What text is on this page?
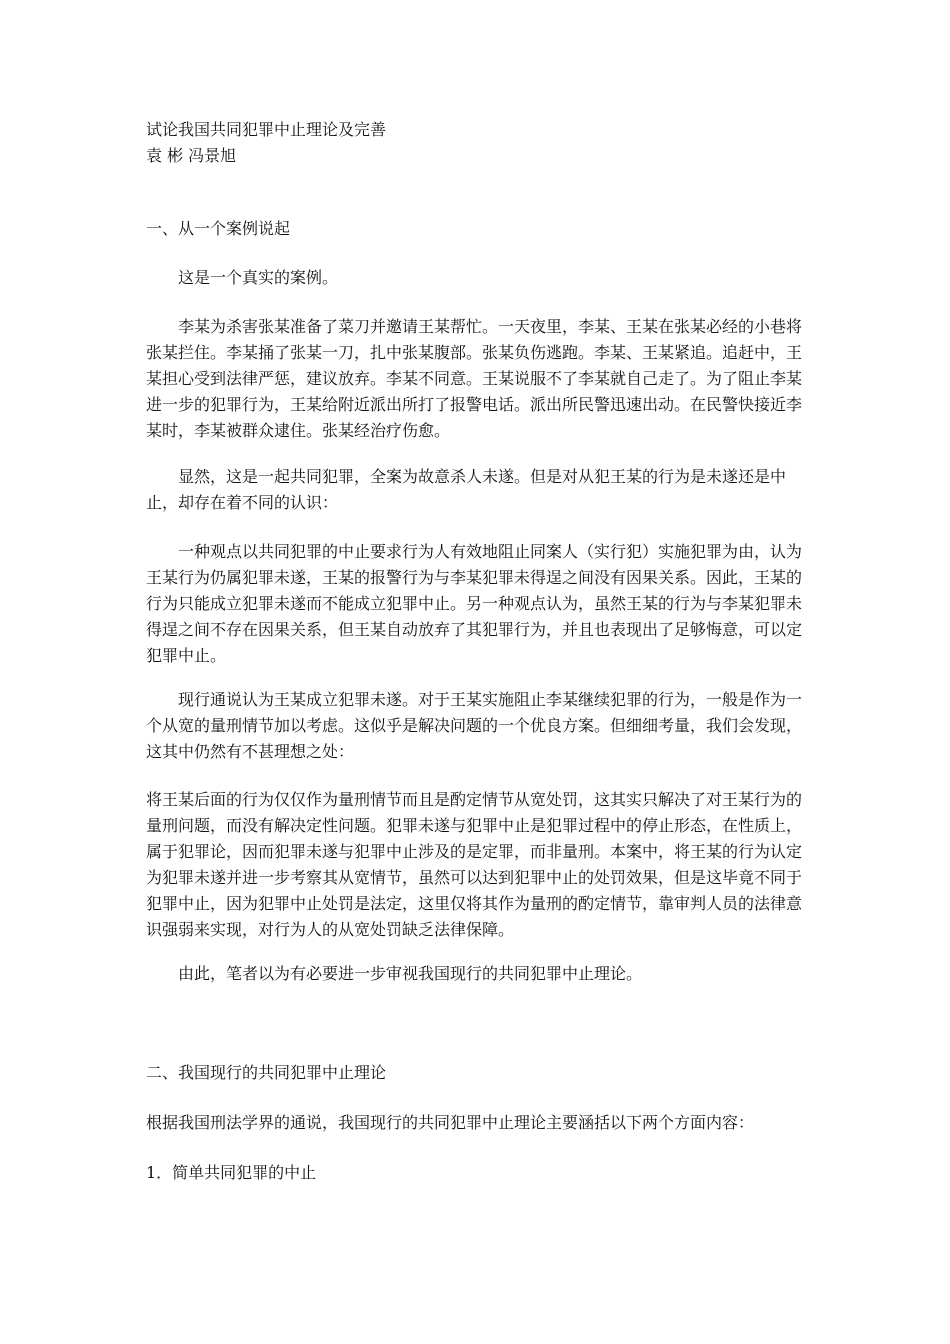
试论我国共同犯罪中止理论及完善

袁 彬 冯景旭

一、从一个案例说起

这是一个真实的案例。

李某为杀害张某准备了菜刀并邀请王某帮忙。一天夜里，李某、王某在张某必经的小巷将张某拦住。李某捅了张某一刀，扎中张某腹部。张某负伤逃跑。李某、王某紧追。追赶中，王某担心受到法律严惩，建议放弃。李某不同意。王某说服不了李某就自己走了。为了阻止李某进一步的犯罪行为，王某给附近派出所打了报警电话。派出所民警迅速出动。在民警快接近李某时，李某被群众逮住。张某经治疗伤愈。

显然，这是一起共同犯罪，全案为故意杀人未遂。但是对从犯王某的行为是未遂还是中止，却存在着不同的认识：

一种观点以共同犯罪的中止要求行为人有效地阻止同案人（实行犯）实施犯罪为由，认为王某行为仍属犯罪未遂，王某的报警行为与李某犯罪未得逞之间没有因果关系。因此，王某的行为只能成立犯罪未遂而不能成立犯罪中止。另一种观点认为，虽然王某的行为与李某犯罪未得逞之间不存在因果关系，但王某自动放弃了其犯罪行为，并且也表现出了足够悔意，可以定犯罪中止。

现行通说认为王某成立犯罪未遂。对于王某实施阻止李某继续犯罪的行为，一般是作为一个从宽的量刑情节加以考虑。这似乎是解决问题的一个优良方案。但细细考量，我们会发现，这其中仍然有不甚理想之处：

将王某后面的行为仅仅作为量刑情节而且是酌定情节从宽处罚，这其实只解决了对王某行为的量刑问题，而没有解决定性问题。犯罪未遂与犯罪中止是犯罪过程中的停止形态，在性质上，属于犯罪论，因而犯罪未遂与犯罪中止涉及的是定罪，而非量刑。本案中，将王某的行为认定为犯罪未遂并进一步考察其从宽情节，虽然可以达到犯罪中止的处罚效果，但是这毕竟不同于犯罪中止，因为犯罪中止处罚是法定，这里仅将其作为量刑的酌定情节，靠审判人员的法律意识强弱来实现，对行为人的从宽处罚缺乏法律保障。

由此，笔者以为有必要进一步审视我国现行的共同犯罪中止理论。

二、我国现行的共同犯罪中止理论

根据我国刑法学界的通说，我国现行的共同犯罪中止理论主要涵括以下两个方面内容：

1．简单共同犯罪的中止
